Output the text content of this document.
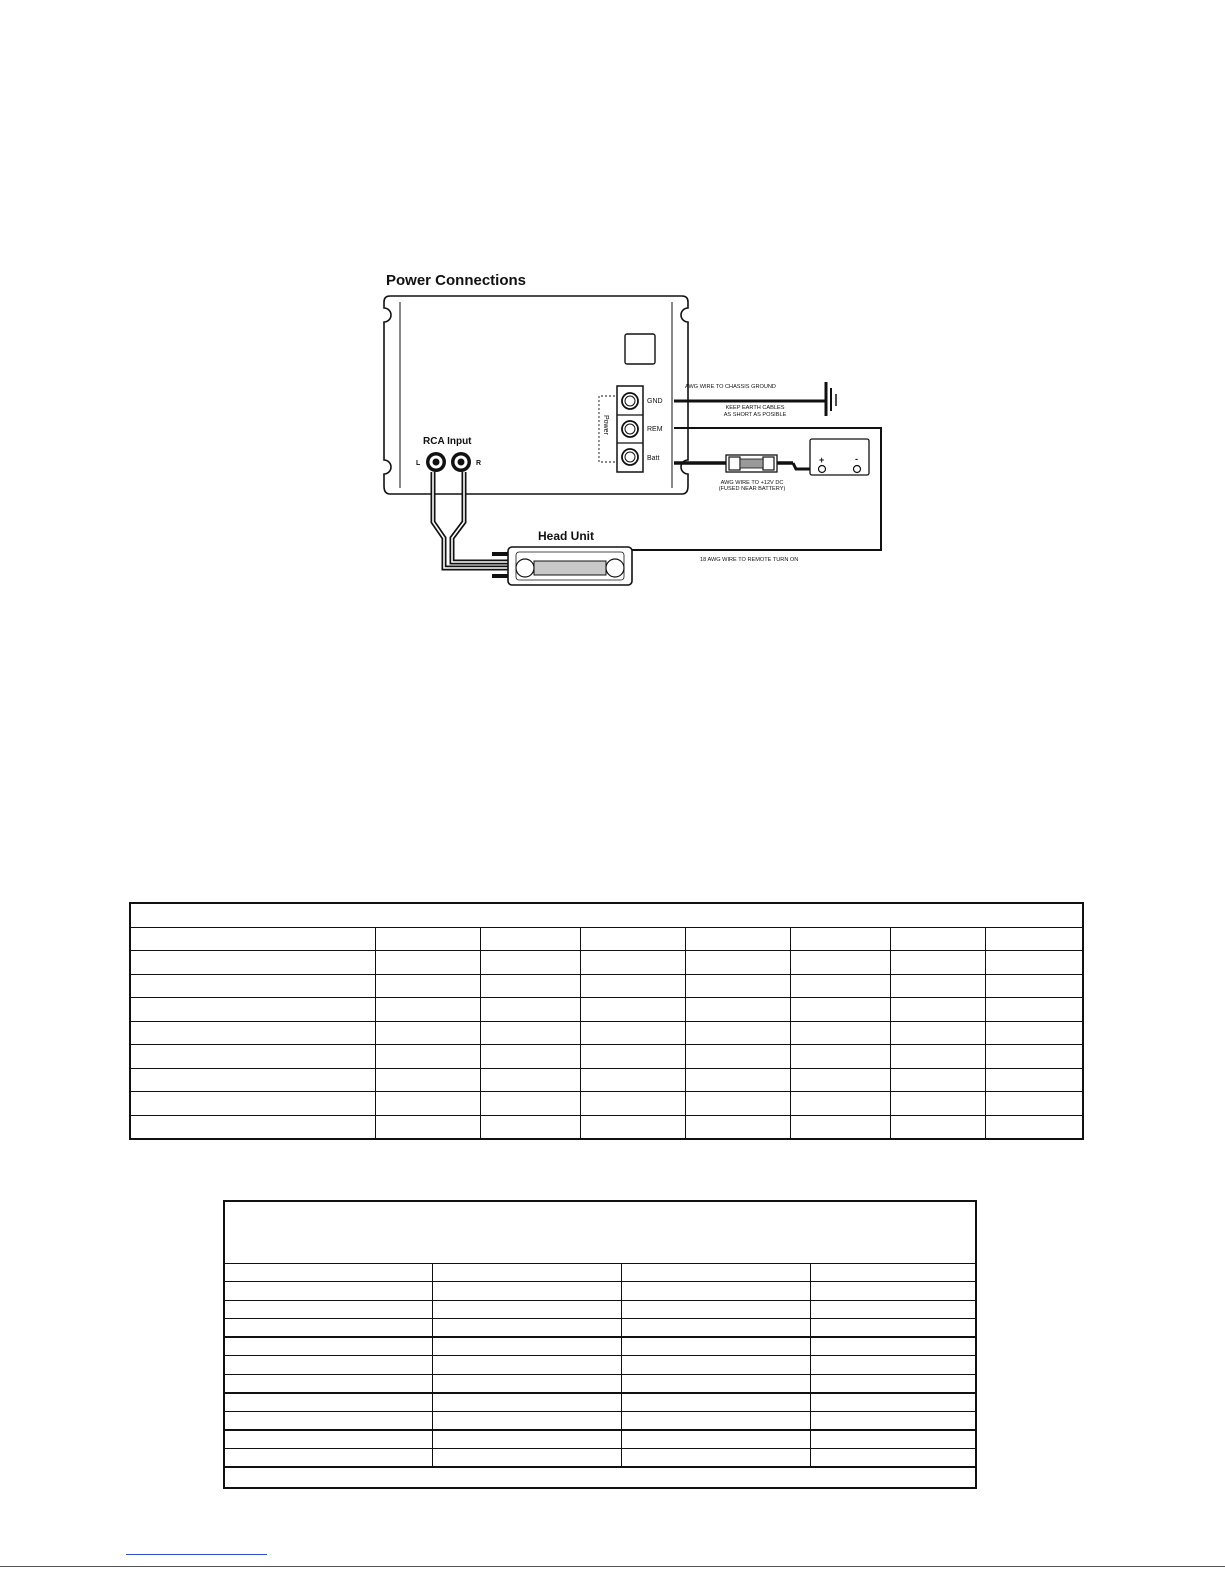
Power Connections
GND
REM
Batt
Power
RCA Input
L	R
Head Unit
AWG WIRE TO CHASSIS GROUND
KEEP EARTH CABLES
AS SHORT AS POSIBLE
18 AWG WIRE TO REMOTE TURN ON
AWG WIRE TO +12V DC
(FUSED NEAR BATTERY)
+	-
